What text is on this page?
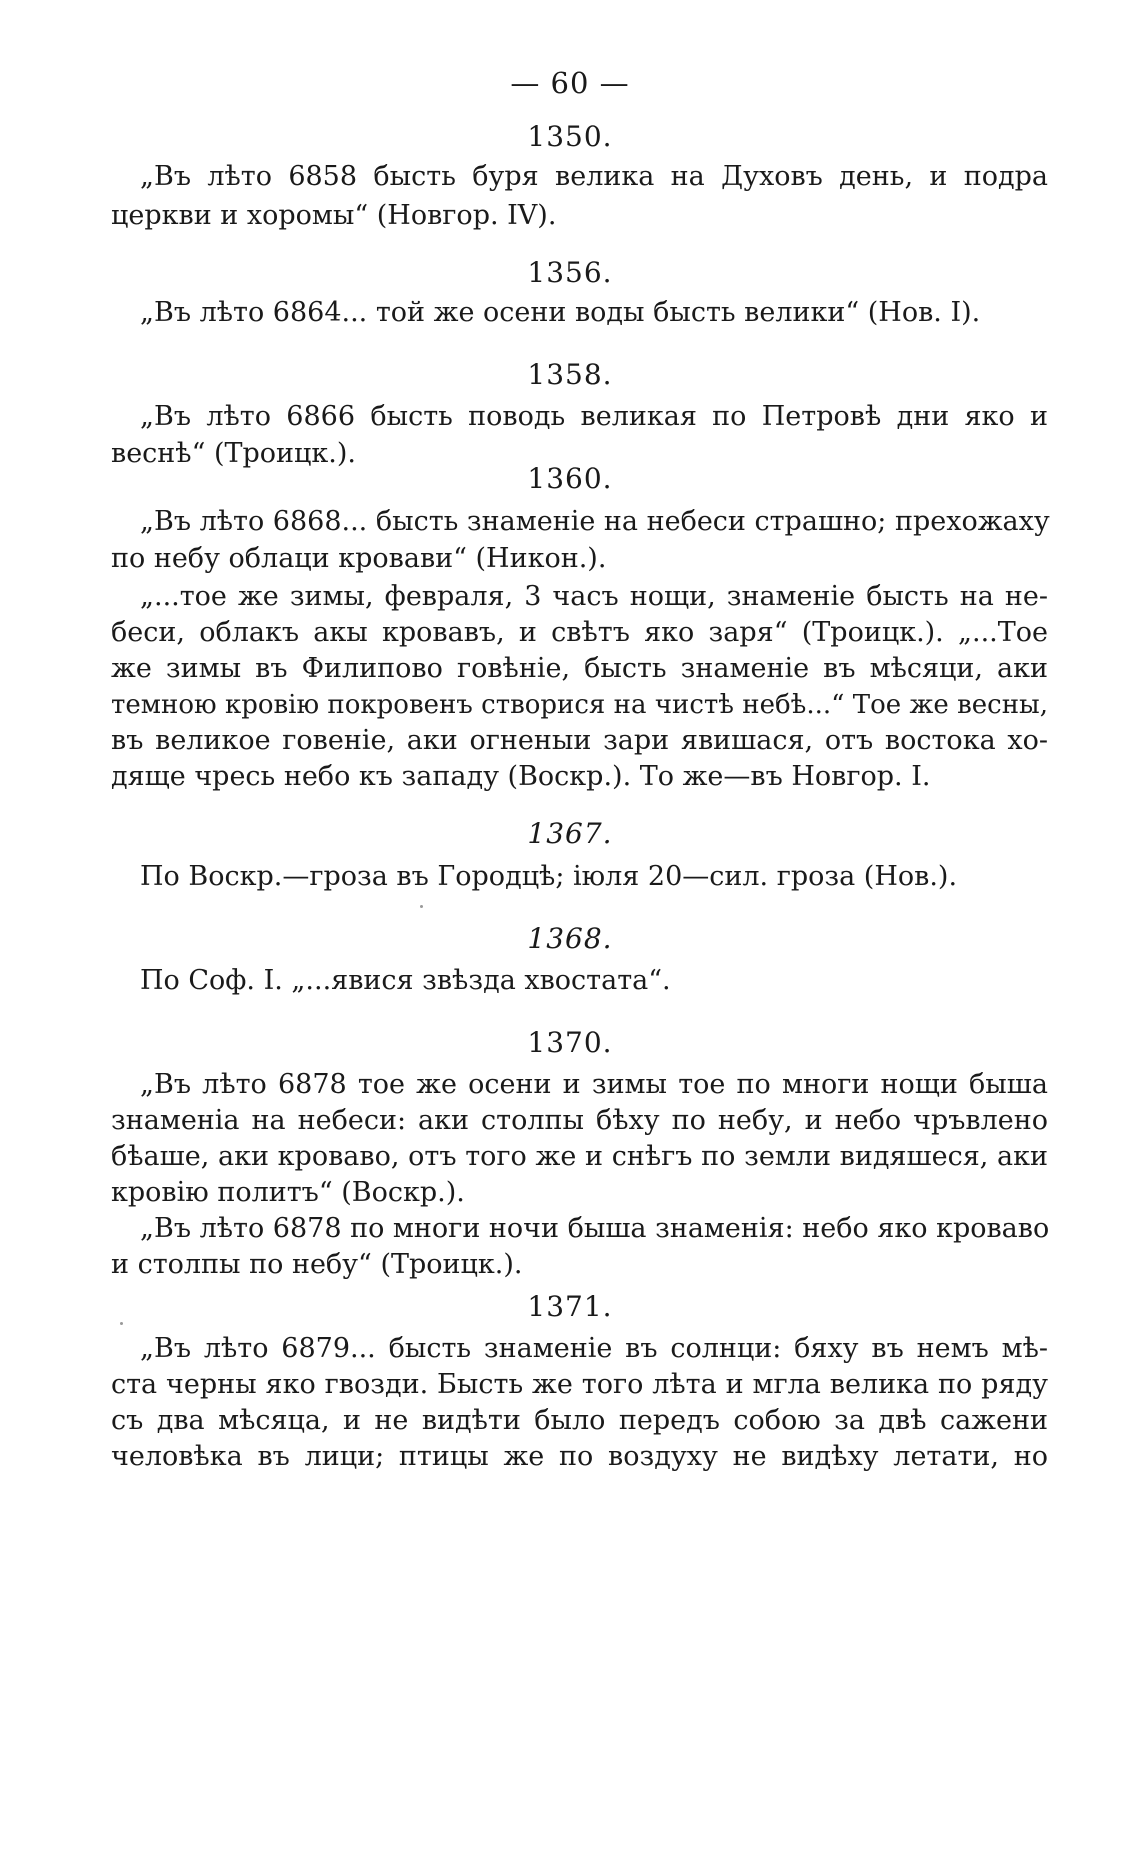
— 60 —
1350.
„Въ лѣто 6858 бысть буря велика на Духовъ день, и подра
церкви и хоромы“ (Новгор. IV).
1356.
„Въ лѣто 6864... той же осени воды бысть велики“ (Нов. I).
1358.
„Въ лѣто 6866 бысть поводь великая по Петровѣ дни яко и
веснѣ“ (Троицк.).
1360.
„Въ лѣто 6868... бысть знаменіе на небеси страшно; прехожаху
по небу облаци кровави“ (Никон.).
„...тое же зимы, февраля, 3 часъ нощи, знаменіе бысть на не-
беси, облакъ акы кровавъ, и свѣтъ яко заря“ (Троицк.). „...Тое
же зимы въ Филипово говѣніе, бысть знаменіе въ мѣсяци, аки
темною кровію покровенъ створися на чистѣ небѣ...“ Тое же весны,
въ великое говеніе, аки огненыи зари явишася, отъ востока хо-
дяще чресь небо къ западу (Воскр.). То же—въ Новгор. I.
1367.
По Воскр.—гроза въ Городцѣ; іюля 20—сил. гроза (Нов.).
1368.
По Соф. I. „...явися звѣзда хвостата“.
1370.
„Въ лѣто 6878 тое же осени и зимы тое по многи нощи быша
знаменіа на небеси: аки столпы бѣху по небу, и небо чръвлено
бѣаше, аки кроваво, отъ того же и снѣгъ по земли видяшеся, аки
кровію политъ“ (Воскр.).
„Въ лѣто 6878 по многи ночи быша знаменія: небо яко кроваво
и столпы по небу“ (Троицк.).
1371.
„Въ лѣто 6879... бысть знаменіе въ солнци: бяху въ немъ мѣ-
ста черны яко гвозди. Бысть же того лѣта и мгла велика по ряду
съ два мѣсяца, и не видѣти было передъ собою за двѣ сажени
человѣка въ лици; птицы же по воздуху не видѣху летати, но
